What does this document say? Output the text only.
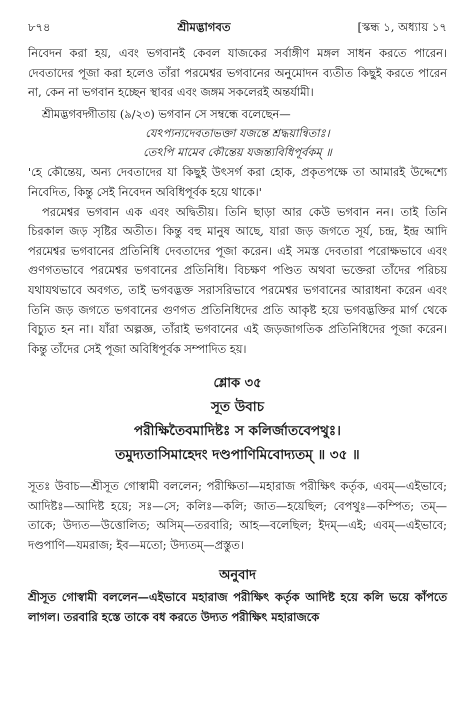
৮৭৪	শ্রীমদ্ভাগবত	[স্কন্ধ ১, অধ্যায় ১৭

নিবেদন করা হয়, এবং ভগবানই কেবল যাজকের সর্বাঙ্গীণ মঙ্গল সাধন করতে পারেন। দেবতাদের পূজা করা হলেও তাঁরা পরমেশ্বর ভগবানের অনুমোদন ব্যতীত কিছুই করতে পারেন না, কেন না ভগবান হচ্ছেন স্থাবর এবং জঙ্গম সকলেরই অন্তর্যামী।

শ্রীমদ্ভগবদ্গীতায় (৯/২৩) ভগবান সে সম্বন্ধে বলেছেন—

যেঽপ্যন্যদেবতাভক্তা যজন্তে শ্রদ্ধয়ান্বিতাঃ।
তেঽপি মামেব কৌন্তেয় যজন্ত্যবিধিপূর্বকম্ ॥

'হে কৌন্তেয়, অন্য দেবতাদের যা কিছুই উৎসর্গ করা হোক, প্রকৃতপক্ষে তা আমারই উদ্দেশ্যে নিবেদিত, কিন্তু সেই নিবেদন অবিধিপূর্বক হয়ে থাকে।'

পরমেশ্বর ভগবান এক এবং অদ্বিতীয়। তিনি ছাড়া আর কেউ ভগবান নন। তাই তিনি চিরকাল জড় সৃষ্টির অতীত। কিন্তু বহু মানুষ আছে, যারা জড় জগতে সূর্য, চন্দ্র, ইন্দ্র আদি পরমেশ্বর ভগবানের প্রতিনিধি দেবতাদের পূজা করেন। এই সমস্ত দেবতারা পরোক্ষভাবে এবং গুণগতভাবে পরমেশ্বর ভগবানের প্রতিনিধি। বিচক্ষণ পণ্ডিত অথবা ভক্তেরা তাঁদের পরিচয় যথাযথভাবে অবগত, তাই ভগবদ্ভক্ত সরাসরিভাবে পরমেশ্বর ভগবানের আরাধনা করেন এবং তিনি জড় জগতে ভগবানের গুণগত প্রতিনিধিদের প্রতি আকৃষ্ট হয়ে ভগবদ্ভক্তির মার্গ থেকে বিচ্যুত হন না। যাঁরা অল্পজ্ঞ, তাঁরাই ভগবানের এই জড়জাগতিক প্রতিনিধিদের পূজা করেন। কিন্তু তাঁদের সেই পূজা অবিধিপূর্বক সম্পাদিত হয়।

শ্লোক ৩৫
সূত উবাচ
পরীক্ষিতৈবমাদিষ্টঃ স কলির্জাতবেপথুঃ।
তমুদ্যতাসিমাহেদং দণ্ডপাণিমিবোদ্যতম্ ॥ ৩৫ ॥

সূতঃ উবাচ—শ্রীসূত গোস্বামী বললেন; পরীক্ষিতা—মহারাজ পরীক্ষিৎ কর্তৃক, এবম্—এইভাবে; আদিষ্টঃ—আদিষ্ট হয়ে; সঃ—সে; কলিঃ—কলি; জাত—হয়েছিল; বেপথুঃ—কম্পিত; তম্—তাকে; উদ্যত—উত্তোলিত; অসিম্—তরবারি; আহ—বলেছিল; ইদম্—এই; এবম্—এইভাবে; দণ্ডপাণি—যমরাজ; ইব—মতো; উদ্যতম্—প্রস্তুত।

অনুবাদ

শ্রীসূত গোস্বামী বললেন—এইভাবে মহারাজ পরীক্ষিৎ কর্তৃক আদিষ্ট হয়ে কলি ভয়ে কাঁপতে লাগল। তরবারি হস্তে তাকে বধ করতে উদ্যত পরীক্ষিৎ মহারাজকে
